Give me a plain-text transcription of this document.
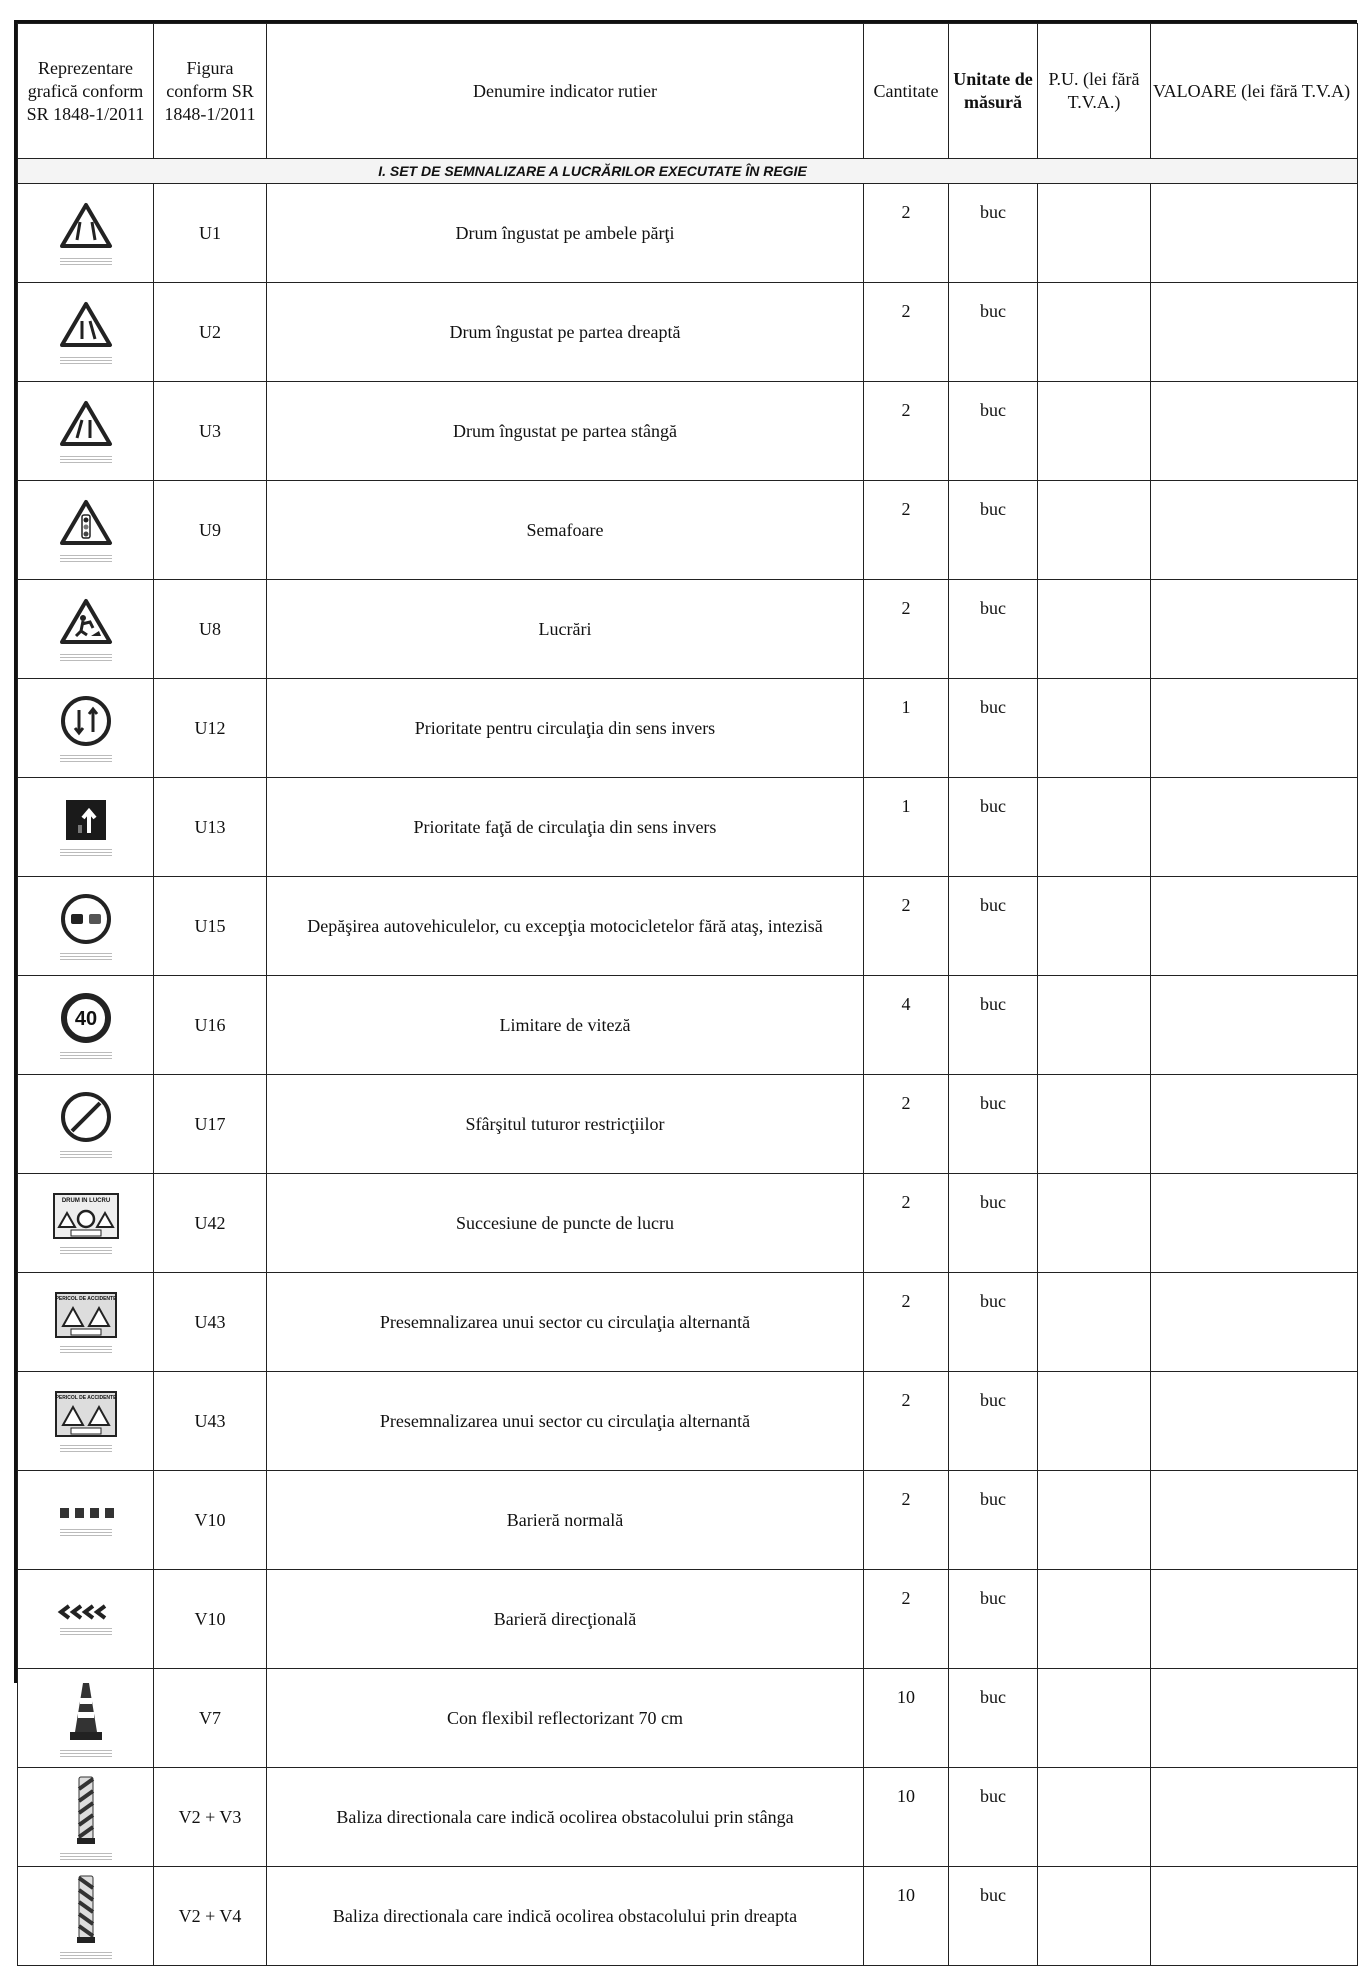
Reprezentare grafică conform SR 1848-1/2011	Figura conform SR 1848-1/2011	Denumire indicator rutier	Cantitate	Unitate de măsură	P.U. (lei fără T.V.A.)	VALOARE (lei fără T.V.A)
I. SET DE SEMNALIZARE A LUCRĂRILOR EXECUTATE ÎN REGIE						

	U1	Drum îngustat pe ambele părţi	2	buc		

	U2	Drum îngustat pe partea dreaptă	2	buc		

	U3	Drum îngustat pe partea stângă	2	buc		

	U9	Semafoare	2	buc		

	U8	Lucrări	2	buc		

	U12	Prioritate pentru circulaţia din sens invers	1	buc		

	U13	Prioritate faţă de circulaţia din sens invers	1	buc		

	U15	Depăşirea autovehiculelor, cu excepţia motocicletelor fără ataş, intezisă	2	buc		

40	U16	Limitare de viteză	4	buc		

	U17	Sfârşitul tuturor restricţiilor	2	buc		

DRUM IN LUCRU	U42	Succesiune de puncte de lucru	2	buc		

PERICOL DE ACCIDENTE	U43	Presemnalizarea unui sector cu circulaţia alternantă	2	buc		

PERICOL DE ACCIDENTE	U43	Presemnalizarea unui sector cu circulaţia alternantă	2	buc		

	V10	Barieră normală	2	buc		

	V10	Barieră direcţională	2	buc		

	V7	Con flexibil reflectorizant 70 cm	10	buc		

	V2 + V3	Baliza directionala care indică ocolirea obstacolului prin stânga	10	buc		

	V2 + V4	Baliza directionala care indică ocolirea obstacolului prin dreapta	10	buc		
